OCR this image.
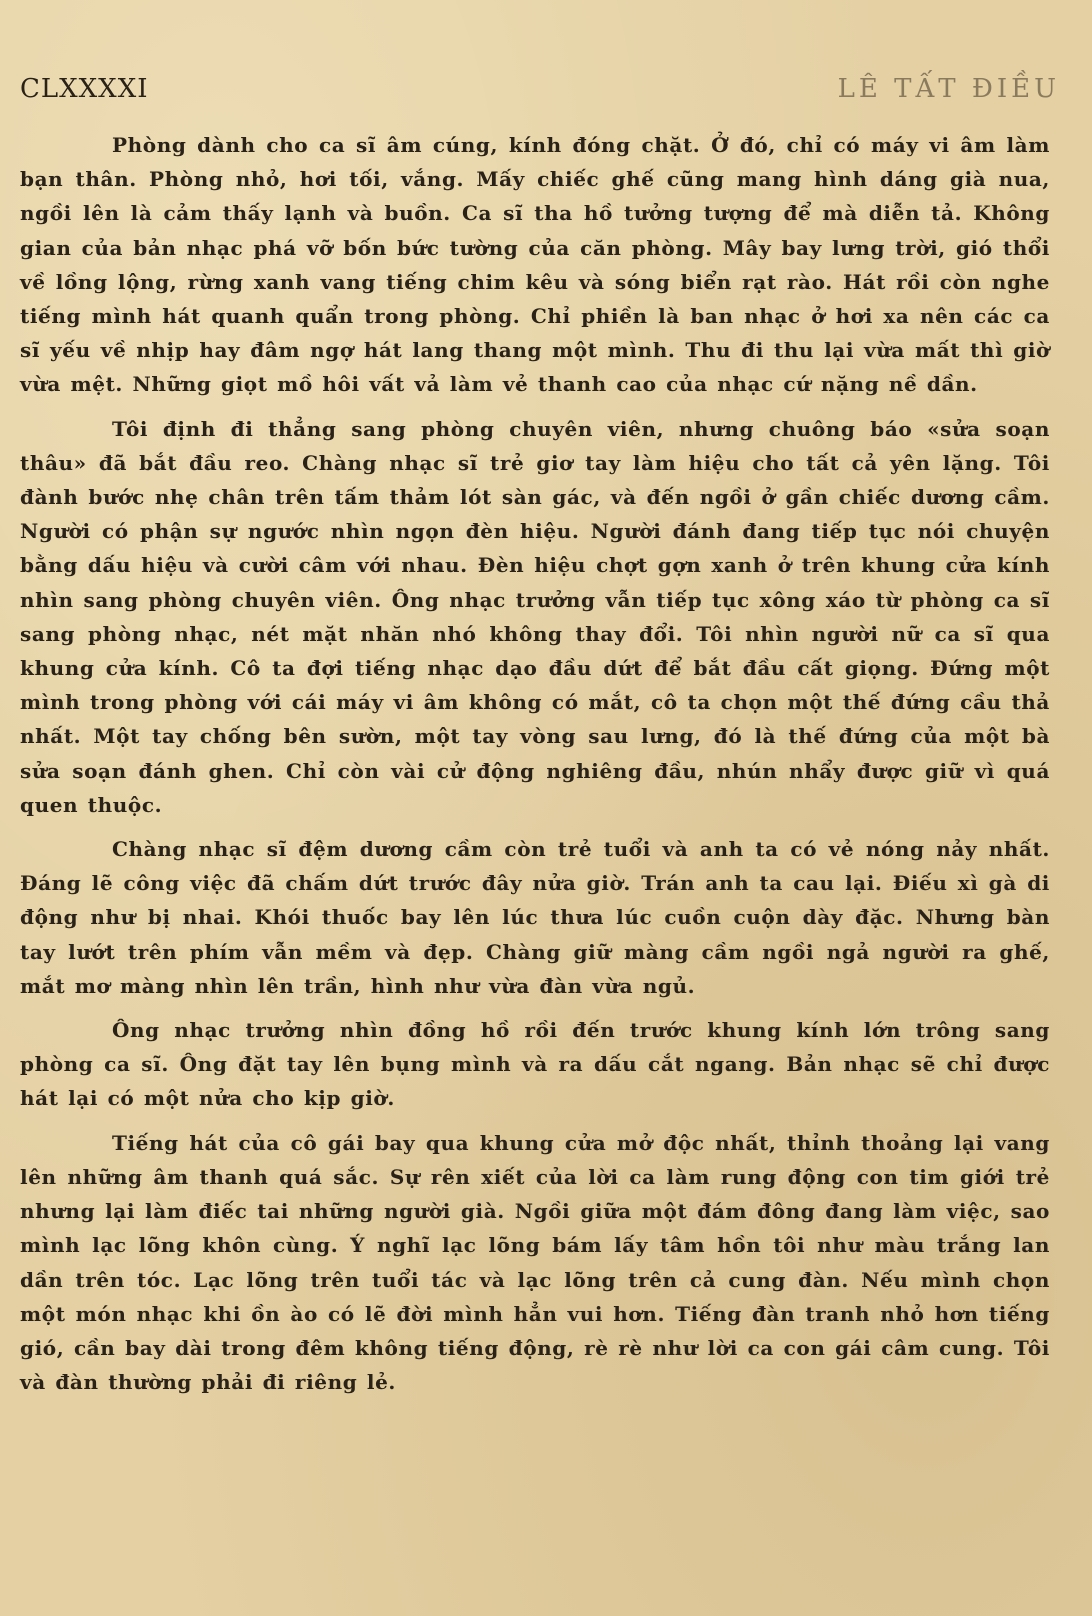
CLXXXXI	LÊ TẤT ĐIỀU

Phòng dành cho ca sĩ âm cúng, kính đóng chặt. Ở đó, chỉ có máy vi âm làm bạn thân. Phòng nhỏ, hơi tối, vắng. Mấy chiếc ghế cũng mang hình dáng già nua, ngồi lên là cảm thấy lạnh và buồn. Ca sĩ tha hồ tưởng tượng để mà diễn tả. Không gian của bản nhạc phá vỡ bốn bức tường của căn phòng. Mây bay lưng trời, gió thổi về lồng lộng, rừng xanh vang tiếng chim kêu và sóng biển rạt rào. Hát rồi còn nghe tiếng mình hát quanh quẩn trong phòng. Chỉ phiền là ban nhạc ở hơi xa nên các ca sĩ yếu về nhịp hay đâm ngợ hát lang thang một mình. Thu đi thu lại vừa mất thì giờ vừa mệt. Những giọt mồ hôi vất vả làm vẻ thanh cao của nhạc cứ nặng nề dần.

Tôi định đi thẳng sang phòng chuyên viên, nhưng chuông báo «sửa soạn thâu» đã bắt đầu reo. Chàng nhạc sĩ trẻ giơ tay làm hiệu cho tất cả yên lặng. Tôi đành bước nhẹ chân trên tấm thảm lót sàn gác, và đến ngồi ở gần chiếc dương cầm. Người có phận sự ngước nhìn ngọn đèn hiệu. Người đánh đang tiếp tục nói chuyện bằng dấu hiệu và cười câm với nhau. Đèn hiệu chợt gợn xanh ở trên khung cửa kính nhìn sang phòng chuyên viên. Ông nhạc trưởng vẫn tiếp tục xông xáo từ phòng ca sĩ sang phòng nhạc, nét mặt nhăn nhó không thay đổi. Tôi nhìn người nữ ca sĩ qua khung cửa kính. Cô ta đợi tiếng nhạc dạo đầu dứt để bắt đầu cất giọng. Đứng một mình trong phòng với cái máy vi âm không có mắt, cô ta chọn một thế đứng cầu thả nhất. Một tay chống bên sườn, một tay vòng sau lưng, đó là thế đứng của một bà sửa soạn đánh ghen. Chỉ còn vài cử động nghiêng đầu, nhún nhẩy được giữ vì quá quen thuộc.

Chàng nhạc sĩ đệm dương cầm còn trẻ tuổi và anh ta có vẻ nóng nảy nhất. Đáng lẽ công việc đã chấm dứt trước đây nửa giờ. Trán anh ta cau lại. Điếu xì gà di động như bị nhai. Khói thuốc bay lên lúc thưa lúc cuồn cuộn dày đặc. Nhưng bàn tay lướt trên phím vẫn mềm và đẹp. Chàng giữ màng cầm ngồi ngả người ra ghế, mắt mơ màng nhìn lên trần, hình như vừa đàn vừa ngủ.

Ông nhạc trưởng nhìn đồng hồ rồi đến trước khung kính lớn trông sang phòng ca sĩ. Ông đặt tay lên bụng mình và ra dấu cắt ngang. Bản nhạc sẽ chỉ được hát lại có một nửa cho kịp giờ.

Tiếng hát của cô gái bay qua khung cửa mở độc nhất, thỉnh thoảng lại vang lên những âm thanh quá sắc. Sự rên xiết của lời ca làm rung động con tim giới trẻ nhưng lại làm điếc tai những người già. Ngồi giữa một đám đông đang làm việc, sao mình lạc lõng khôn cùng. Ý nghĩ lạc lõng bám lấy tâm hồn tôi như màu trắng lan dần trên tóc. Lạc lõng trên tuổi tác và lạc lõng trên cả cung đàn. Nếu mình chọn một món nhạc khi ồn ào có lẽ đời mình hẳn vui hơn. Tiếng đàn tranh nhỏ hơn tiếng gió, cần bay dài trong đêm không tiếng động, rè rè như lời ca con gái câm cung. Tôi và đàn thường phải đi riêng lẻ.
